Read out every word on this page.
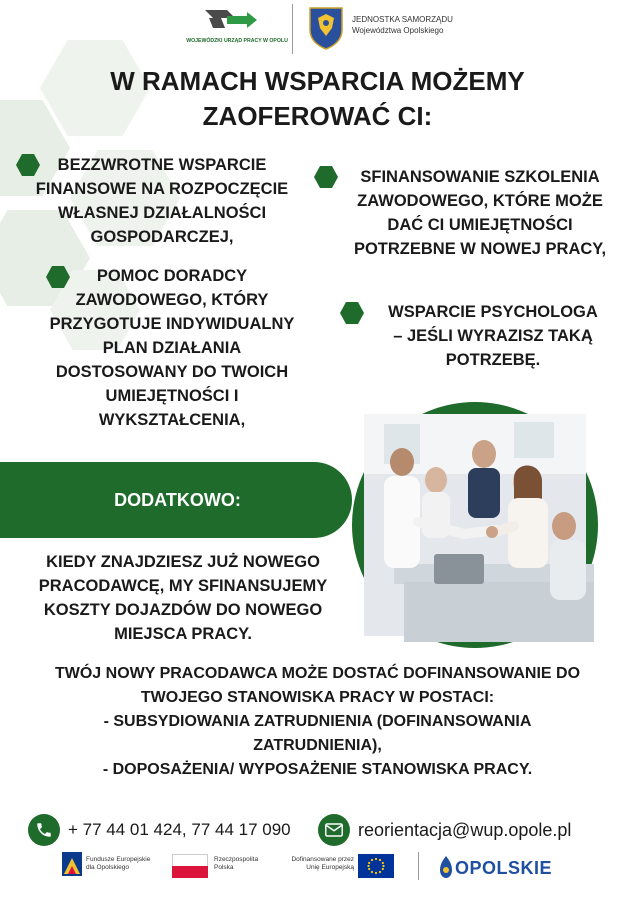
WOJEWÓDZKI URZĄD PRACY W OPOLU
JEDNOSTKA SAMORZĄDU
Województwa Opolskiego
W RAMACH WSPARCIA MOŻEMY
ZAOFEROWAĆ CI:
BEZZWROTNE WSPARCIE
FINANSOWE NA ROZPOCZĘCIE
WŁASNEJ DZIAŁALNOŚCI
GOSPODARCZEJ,
POMOC DORADCY
ZAWODOWEGO, KTÓRY
PRZYGOTUJE INDYWIDUALNY
PLAN DZIAŁANIA
DOSTOSOWANY DO TWOICH
UMIEJĘTNOŚCI I
WYKSZTAŁCENIA,
SFINANSOWANIE SZKOLENIA
ZAWODOWEGO, KTÓRE MOŻE
DAĆ CI UMIEJĘTNOŚCI
POTRZEBNE W NOWEJ PRACY,
WSPARCIE PSYCHOLOGA
– JEŚLI WYRAZISZ TAKĄ
POTRZEBĘ.
DODATKOWO:
KIEDY ZNAJDZIESZ JUŻ NOWEGO
PRACODAWCĘ, MY SFINANSUJEMY
KOSZTY DOJAZDÓW DO NOWEGO
MIEJSCA PRACY.
TWÓJ NOWY PRACODAWCA MOŻE DOSTAĆ DOFINANSOWANIE DO
TWOJEGO STANOWISKA PRACY W POSTACI:
- SUBSYDIOWANIA ZATRUDNIENIA (DOFINANSOWANIA
ZATRUDNIENIA),
- DOPOSAŻENIA/ WYPOSAŻENIE STANOWISKA PRACY.
+ 77 44 01 424, 77 44 17 090	reorientacja@wup.opole.pl
Fundusze Europejskie
dla Opolskiego
Rzeczpospolita
Polska
Dofinansowane przez
Unię Europejską	OPOLSKIE
